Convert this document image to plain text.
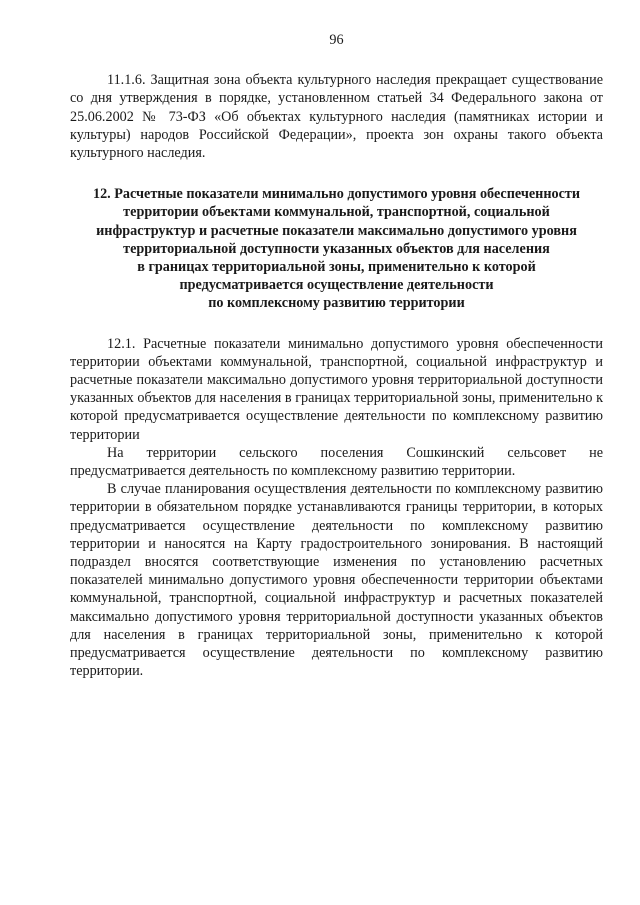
96

11.1.6. Защитная зона объекта культурного наследия прекращает существование со дня утверждения в порядке, установленном статьей 34 Федерального закона от 25.06.2002 № 73-ФЗ «Об объектах культурного наследия (памятниках истории и культуры) народов Российской Федерации», проекта зон охраны такого объекта культурного наследия.

12. Расчетные показатели минимально допустимого уровня обеспеченности
территории объектами коммунальной, транспортной, социальной
инфраструктур и расчетные показатели максимально допустимого уровня
территориальной доступности указанных объектов для населения
в границах территориальной зоны, применительно к которой
предусматривается осуществление деятельности
по комплексному развитию территории

12.1. Расчетные показатели минимально допустимого уровня обеспеченности территории объектами коммунальной, транспортной, социальной инфраструктур и расчетные показатели максимально допустимого уровня территориальной доступности указанных объектов для населения в границах территориальной зоны, применительно к которой предусматривается осуществление деятельности по комплексному развитию территории

На территории сельского поселения Сошкинский сельсовет не предусматривается деятельность по комплексному развитию территории.

В случае планирования осуществления деятельности по комплексному развитию территории в обязательном порядке устанавливаются границы территории, в которых предусматривается осуществление деятельности по комплексному развитию территории и наносятся на Карту градостроительного зонирования. В настоящий подраздел вносятся соответствующие изменения по установлению расчетных показателей минимально допустимого уровня обеспеченности территории объектами коммунальной, транспортной, социальной инфраструктур и расчетных показателей максимально допустимого уровня территориальной доступности указанных объектов для населения в границах территориальной зоны, применительно к которой предусматривается осуществление деятельности по комплексному развитию территории.
